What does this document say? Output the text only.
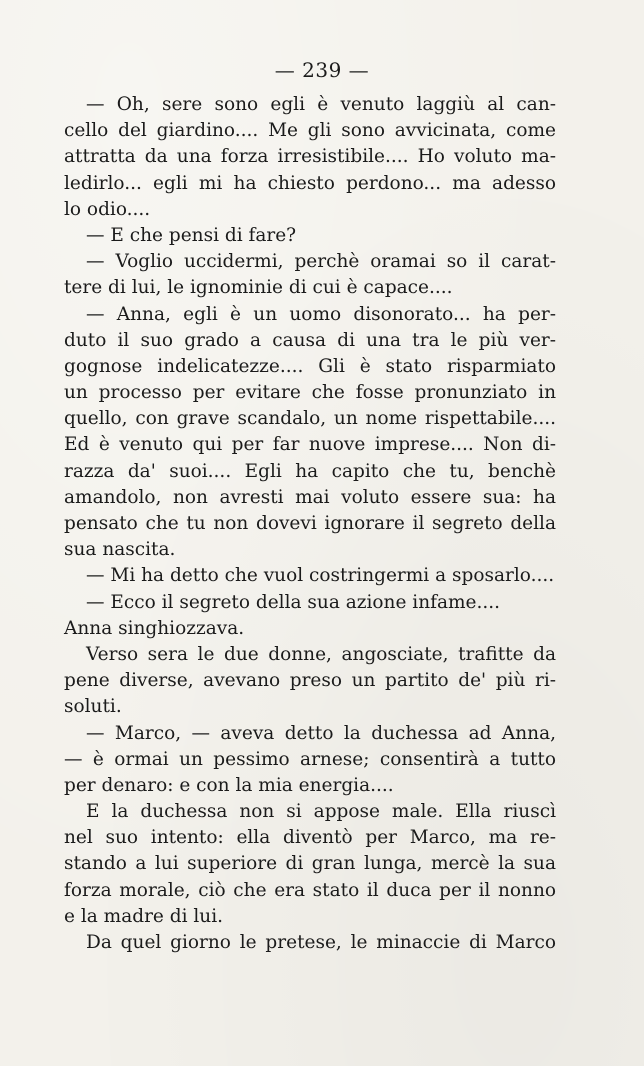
— 239 —
— Oh, sere sono egli è venuto laggiù al can-
cello del giardino.... Me gli sono avvicinata, come
attratta da una forza irresistibile.... Ho voluto ma-
ledirlo... egli mi ha chiesto perdono... ma adesso
lo odio....
— E che pensi di fare?
— Voglio uccidermi, perchè oramai so il carat-
tere di lui, le ignominie di cui è capace....
— Anna, egli è un uomo disonorato... ha per-
duto il suo grado a causa di una tra le più ver-
gognose indelicatezze.... Gli è stato risparmiato
un processo per evitare che fosse pronunziato in
quello, con grave scandalo, un nome rispettabile....
Ed è venuto qui per far nuove imprese.... Non di-
razza da' suoi.... Egli ha capito che tu, benchè
amandolo, non avresti mai voluto essere sua: ha
pensato che tu non dovevi ignorare il segreto della
sua nascita.
— Mi ha detto che vuol costringermi a sposarlo....
— Ecco il segreto della sua azione infame....
Anna singhiozzava.
Verso sera le due donne, angosciate, trafitte da
pene diverse, avevano preso un partito de' più ri-
soluti.
— Marco, — aveva detto la duchessa ad Anna,
— è ormai un pessimo arnese; consentirà a tutto
per denaro: e con la mia energia....
E la duchessa non si appose male. Ella riuscì
nel suo intento: ella diventò per Marco, ma re-
stando a lui superiore di gran lunga, mercè la sua
forza morale, ciò che era stato il duca per il nonno
e la madre di lui.
Da quel giorno le pretese, le minaccie di Marco
